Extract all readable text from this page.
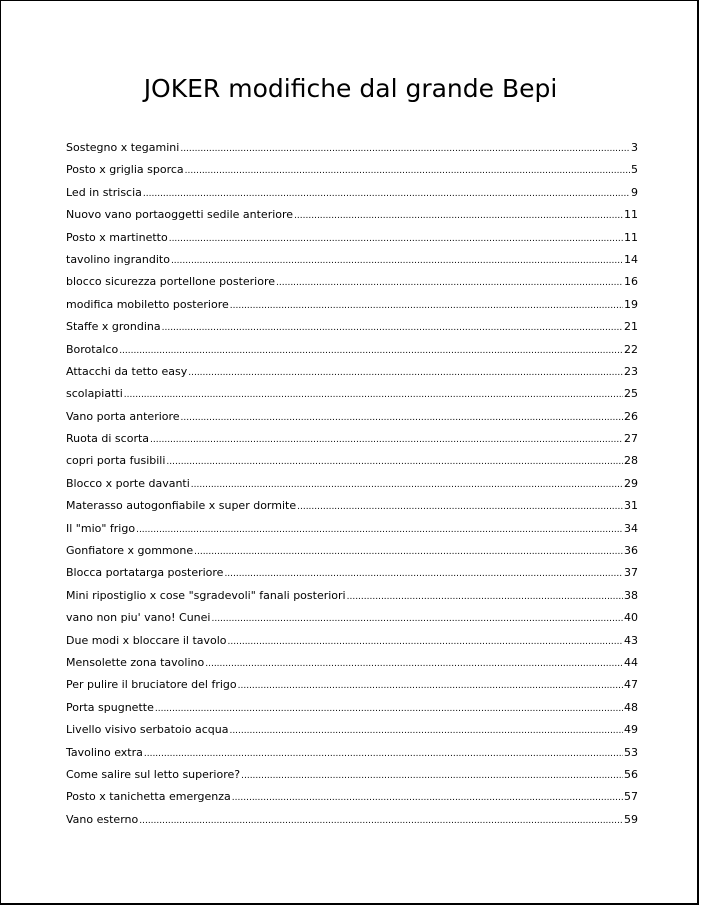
JOKER modifiche dal grande Bepi
Sostegno x tegamini .....	3
Posto x griglia sporca .....	5
Led in striscia .....	9
Nuovo vano portaoggetti sedile anteriore .....	11
Posto x martinetto .....	11
tavolino ingrandito .....	14
blocco sicurezza portellone posteriore .....	16
modifica mobiletto posteriore .....	19
Staffe x grondina .....	21
Borotalco .....	22
Attacchi da tetto easy .....	23
scolapiatti .....	25
Vano porta anteriore .....	26
Ruota di scorta .....	27
copri porta fusibili .....	28
Blocco x porte davanti .....	29
Materasso autogonfiabile x super dormite .....	31
Il "mio" frigo .....	34
Gonfiatore x gommone .....	36
Blocca portatarga posteriore .....	37
Mini ripostiglio x cose "sgradevoli" fanali posteriori .....	38
vano non piu' vano! Cunei .....	40
Due modi x bloccare il tavolo .....	43
Mensolette zona tavolino .....	44
Per pulire il bruciatore del frigo .....	47
Porta spugnette .....	48
Livello visivo serbatoio acqua .....	49
Tavolino extra .....	53
Come salire sul letto superiore? .....	56
Posto x tanichetta emergenza .....	57
Vano esterno .....	59
